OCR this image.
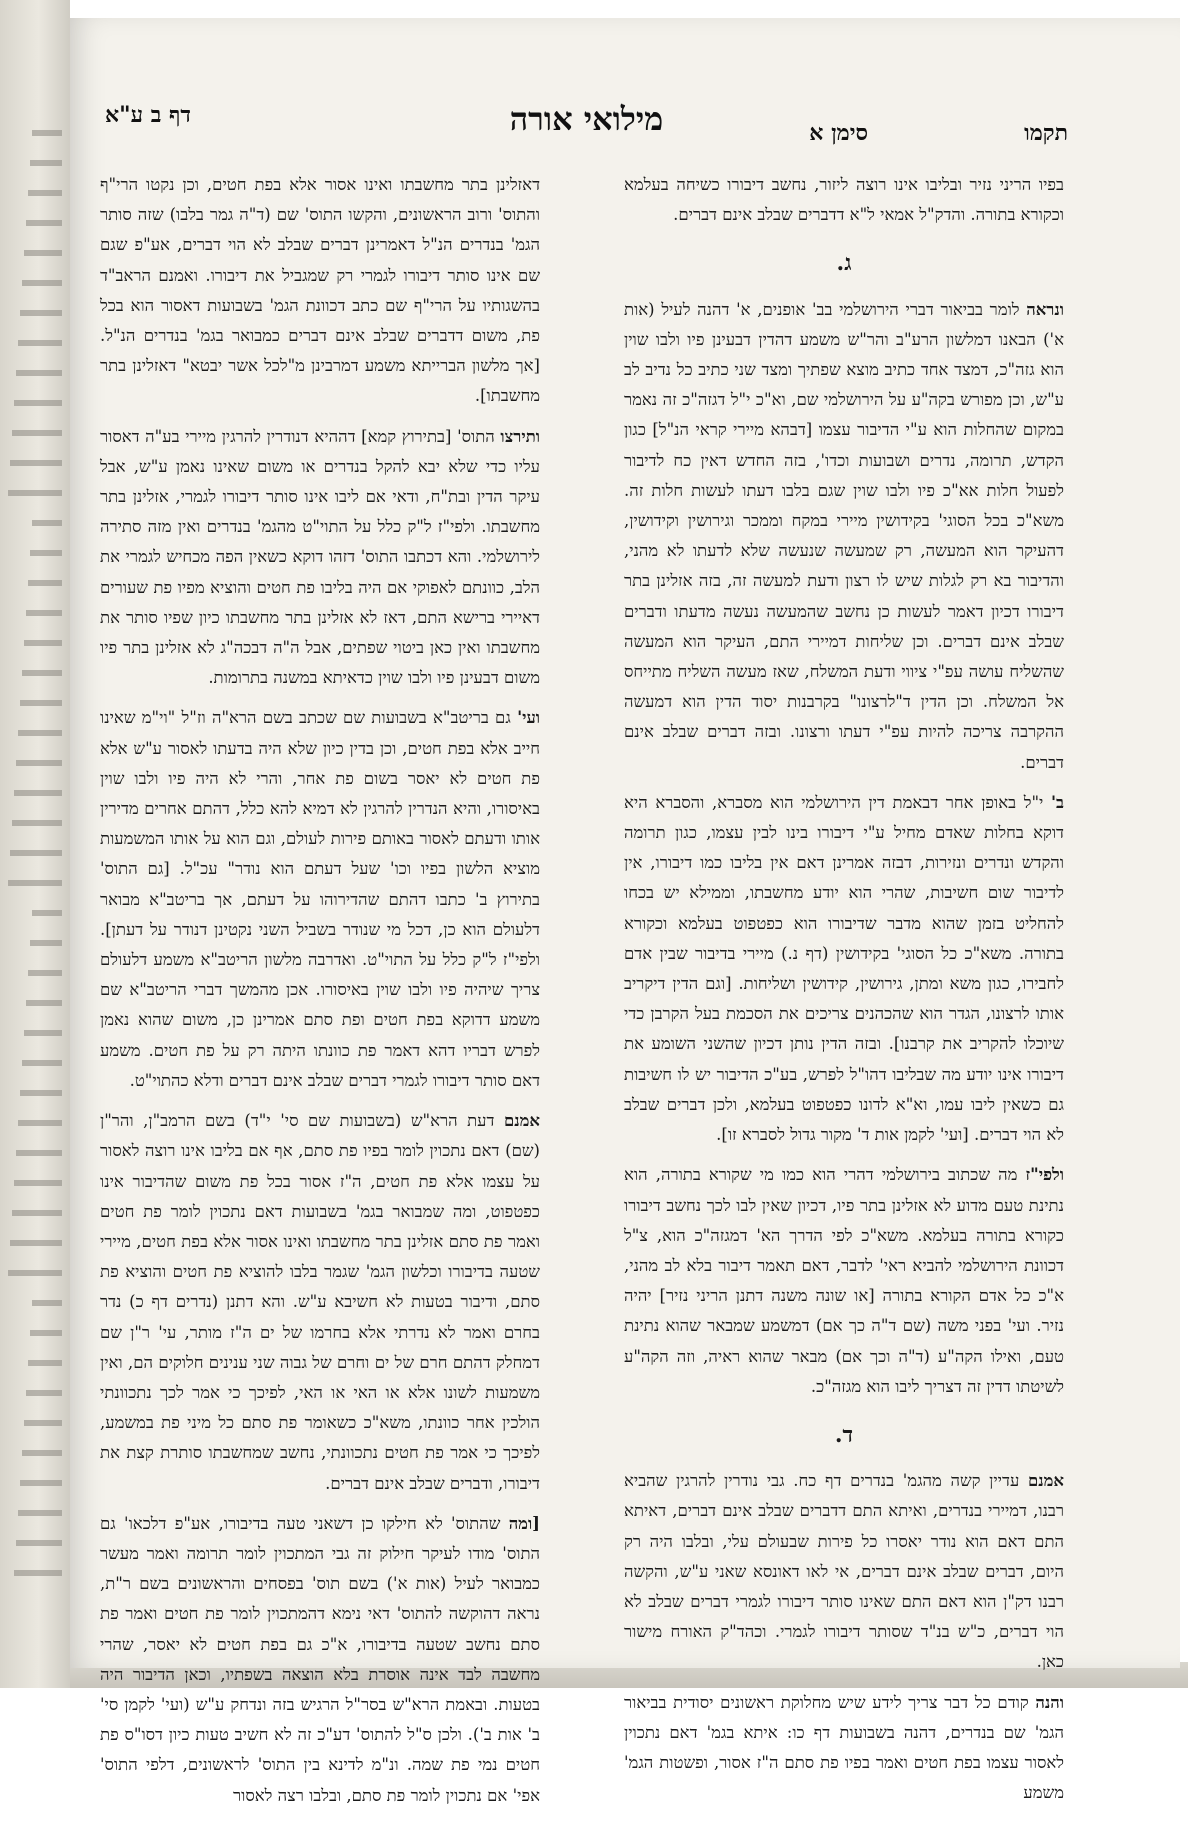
תקמו
סימן א
מילואי אורה
דף ב ע"א

בפיו הריני נזיר ובליבו אינו רוצה ליזור, נחשב דיבורו כשיחה בעלמא וכקורא בתורה. והדק"ל אמאי ל"א דדברים שבלב אינם דברים.

ג.

ונראה לומר בביאור דברי הירושלמי בב' אופנים, א' דהנה לעיל (אות א') הבאנו דמלשון הרע"ב והר"ש משמע דהדין דבעינן פיו ולבו שוין הוא גזה"כ, דמצד אחד כתיב מוצא שפתיך ומצד שני כתיב כל נדיב לב ע"ש, וכן מפורש בקה"ע על הירושלמי שם, וא"כ י"ל דגזה"כ זה נאמר במקום שהחלות הוא ע"י הדיבור עצמו [דבהא מיירי קראי הנ"ל] כגון הקדש, תרומה, נדרים ושבועות וכדו', בזה החדש דאין כח לדיבור לפעול חלות אא"כ פיו ולבו שוין שגם בלבו דעתו לעשות חלות זה. משא"כ בכל הסוגי' בקידושין מיירי במקח וממכר וגירושין וקידושין, דהעיקר הוא המעשה, רק שמעשה שנעשה שלא לדעתו לא מהני, והדיבור בא רק לגלות שיש לו רצון ודעת למעשה זה, בזה אזלינן בתר דיבורו דכיון דאמר לעשות כן נחשב שהמעשה נעשה מדעתו ודברים שבלב אינם דברים. וכן שליחות דמיירי התם, העיקר הוא המעשה שהשליח עושה עפ"י ציווי ודעת המשלח, שאז מעשה השליח מתייחס אל המשלח. וכן הדין ד"לרצונו" בקרבנות יסוד הדין הוא דמעשה ההקרבה צריכה להיות עפ"י דעתו ורצונו. ובזה דברים שבלב אינם דברים.

ב' י"ל באופן אחר דבאמת דין הירושלמי הוא מסברא, והסברא היא דוקא בחלות שאדם מחיל ע"י דיבורו בינו לבין עצמו, כגון תרומה והקדש ונדרים ונזירות, דבזה אמרינן דאם אין בליבו כמו דיבורו, אין לדיבור שום חשיבות, שהרי הוא יודע מחשבתו, וממילא יש בכחו להחליט בזמן שהוא מדבר שדיבורו הוא כפטפוט בעלמא וכקורא בתורה. משא"כ כל הסוגי' בקידושין (דף נ.) מיירי בדיבור שבין אדם לחבירו, כגון משא ומתן, גירושין, קידושין ושליחות. [וגם הדין דיקריב אותו לרצונו, הגדר הוא שהכהנים צריכים את הסכמת בעל הקרבן כדי שיוכלו להקריב את קרבנו]. ובזה הדין נותן דכיון שהשני השומע את דיבורו אינו יודע מה שבליבו דהו"ל לפרש, בע"כ הדיבור יש לו חשיבות גם כשאין ליבו עמו, וא"א לדונו כפטפוט בעלמא, ולכן דברים שבלב לא הוי דברים. [ועי' לקמן אות ד' מקור גדול לסברא זו].

ולפי"ז מה שכתוב בירושלמי דהרי הוא כמו מי שקורא בתורה, הוא נתינת טעם מדוע לא אזלינן בתר פיו, דכיון שאין לבו לכך נחשב דיבורו כקורא בתורה בעלמא. משא"כ לפי הדרך הא' דמגזה"כ הוא, צ"ל דכוונת הירושלמי להביא ראי' לדבר, דאם תאמר דיבור בלא לב מהני, א"כ כל אדם הקורא בתורה [או שונה משנה דתנן הריני נזיר] יהיה נזיר. ועי' בפני משה (שם ד"ה כך אם) דמשמע שמבאר שהוא נתינת טעם, ואילו הקה"ע (ד"ה וכך אם) מבאר שהוא ראיה, וזה הקה"ע לשיטתו דדין זה דצריך ליבו הוא מגזה"כ.

ד.

אמנם עדיין קשה מהגמ' בנדרים דף כח. גבי נודרין להרגין שהביא רבנו, דמיירי בנדרים, ואיתא התם דדברים שבלב אינם דברים, דאיתא התם דאם הוא נודר יאסרו כל פירות שבעולם עלי, ובלבו היה רק היום, דברים שבלב אינם דברים, אי לאו דאונסא שאני ע"ש, והקשה רבנו דק"ן הוא דאם התם שאינו סותר דיבורו לגמרי דברים שבלב לא הוי דברים, כ"ש בנ"ד שסותר דיבורו לגמרי. וכהד"ק האורח מישור כאן.

והנה קודם כל דבר צריך לידע שיש מחלוקת ראשונים יסודית בביאור הגמ' שם בנדרים, דהנה בשבועות דף כו: איתא בגמ' דאם נתכוין לאסור עצמו בפת חטים ואמר בפיו פת סתם ה"ז אסור, ופשטות הגמ' משמע

דאזלינן בתר מחשבתו ואינו אסור אלא בפת חטים, וכן נקטו הרי"ף והתוס' ורוב הראשונים, והקשו התוס' שם (ד"ה גמר בלבו) שזה סותר הגמ' בנדרים הנ"ל דאמרינן דברים שבלב לא הוי דברים, אע"פ שגם שם אינו סותר דיבורו לגמרי רק שמגביל את דיבורו. ואמנם הראב"ד בהשגותיו על הרי"ף שם כתב דכוונת הגמ' בשבועות דאסור הוא בכל פת, משום דדברים שבלב אינם דברים כמבואר בגמ' בנדרים הנ"ל. [אך מלשון הברייתא משמע דמרבינן מ"לכל אשר יבטא" דאזלינן בתר מחשבתו].

ותירצו התוס' [בתירוץ קמא] דההיא דנודרין להרגין מיירי בע"ה דאסור עליו כדי שלא יבא להקל בנדרים או משום שאינו נאמן ע"ש, אבל עיקר הדין ובת"ח, ודאי אם ליבו אינו סותר דיבורו לגמרי, אזלינן בתר מחשבתו. ולפי"ז ל"ק כלל על התוי"ט מהגמ' בנדרים ואין מזה סתירה לירושלמי. והא דכתבו התוס' דזהו דוקא כשאין הפה מכחיש לגמרי את הלב, כוונתם לאפוקי אם היה בליבו פת חטים והוציא מפיו פת שעורים דאיירי ברישא התם, דאז לא אזלינן בתר מחשבתו כיון שפיו סותר את מחשבתו ואין כאן ביטוי שפתים, אבל ה"ה דבכה"ג לא אזלינן בתר פיו משום דבעינן פיו ולבו שוין כדאיתא במשנה בתרומות.

ועי' גם בריטב"א בשבועות שם שכתב בשם הרא"ה וז"ל "וי"מ שאינו חייב אלא בפת חטים, וכן בדין כיון שלא היה בדעתו לאסור ע"ש אלא פת חטים לא יאסר בשום פת אחר, והרי לא היה פיו ולבו שוין באיסורו, והיא הנדרין להרגין לא דמיא להא כלל, דהתם אחרים מדירין אותו ודעתם לאסור באותם פירות לעולם, וגם הוא על אותו המשמעות מוציא הלשון בפיו וכו' שעל דעתם הוא נודר" עכ"ל. [גם התוס' בתירוץ ב' כתבו דהתם שהדירוהו על דעתם, אך בריטב"א מבואר דלעולם הוא כן, דכל מי שנודר בשביל השני נקטינן דנודר על דעתן]. ולפי"ז ל"ק כלל על התוי"ט. ואדרבה מלשון הריטב"א משמע דלעולם צריך שיהיה פיו ולבו שוין באיסורו. אכן מהמשך דברי הריטב"א שם משמע דדוקא בפת חטים ופת סתם אמרינן כן, משום שהוא נאמן לפרש דבריו דהא דאמר פת כוונתו היתה רק על פת חטים. משמע דאם סותר דיבורו לגמרי דברים שבלב אינם דברים ודלא כהתוי"ט.

אמנם דעת הרא"ש (בשבועות שם סי' י"ד) בשם הרמב"ן, והר"ן (שם) דאם נתכוין לומר בפיו פת סתם, אף אם בליבו אינו רוצה לאסור על עצמו אלא פת חטים, ה"ז אסור בכל פת משום שהדיבור אינו כפטפוט, ומה שמבואר בגמ' בשבועות דאם נתכוין לומר פת חטים ואמר פת סתם אזלינן בתר מחשבתו ואינו אסור אלא בפת חטים, מיירי שטעה בדיבורו וכלשון הגמ' שגמר בלבו להוציא פת חטים והוציא פת סתם, ודיבור בטעות לא חשיבא ע"ש. והא דתנן (נדרים דף כ) נדר בחרם ואמר לא נדרתי אלא בחרמו של ים ה"ז מותר, עי' ר"ן שם דמחלק דהתם חרם של ים וחרם של גבוה שני ענינים חלוקים הם, ואין משמעות לשונו אלא או האי או האי, לפיכך כי אמר לכך נתכוונתי הולכין אחר כוונתו, משא"כ כשאומר פת סתם כל מיני פת במשמע, לפיכך כי אמר פת חטים נתכוונתי, נחשב שמחשבתו סותרת קצת את דיבורו, ודברים שבלב אינם דברים.

[ומה שהתוס' לא חילקו כן דשאני טעה בדיבורו, אע"פ דלכאו' גם התוס' מודו לעיקר חילוק זה גבי המתכוין לומר תרומה ואמר מעשר כמבואר לעיל (אות א') בשם תוס' בפסחים והראשונים בשם ר"ת, נראה דהוקשה להתוס' דאי נימא דהמתכוין לומר פת חטים ואמר פת סתם נחשב שטעה בדיבורו, א"כ גם בפת חטים לא יאסר, שהרי מחשבה לבד אינה אוסרת בלא הוצאה בשפתיו, וכאן הדיבור היה בטעות. ובאמת הרא"ש בסר"ל הרגיש בזה ונדחק ע"ש (ועי' לקמן סי' ב' אות ב'). ולכן ס"ל להתוס' דע"כ זה לא חשיב טעות כיון דסו"ס פת חטים נמי פת שמה. ונ"מ לדינא בין התוס' לראשונים, דלפי התוס' אפי' אם נתכוין לומר פת סתם, ובלבו רצה לאסור
